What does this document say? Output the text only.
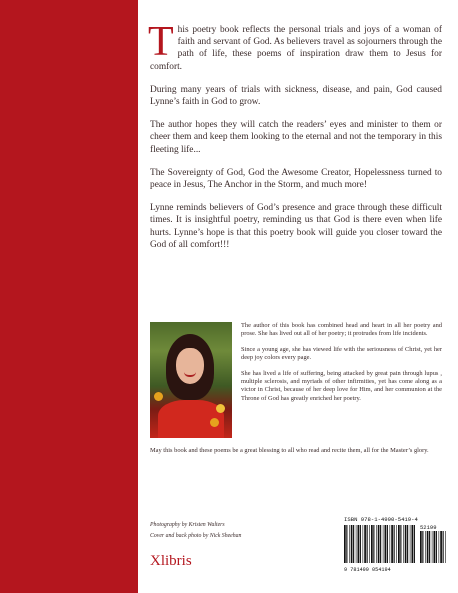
This poetry book reflects the personal trials and joys of a woman of faith and servant of God. As believers travel as sojourners through the path of life, these poems of inspiration draw them to Jesus for comfort.

During many years of trials with sickness, disease, and pain, God caused Lynne’s faith in God to grow.

The author hopes they will catch the readers’ eyes and minister to them or cheer them and keep them looking to the eternal and not the temporary in this fleeting life...

The Sovereignty of God, God the Awesome Creator, Hopelessness turned to peace in Jesus, The Anchor in the Storm, and much more!

Lynne reminds believers of God’s presence and grace through these difficult times. It is insightful poetry, reminding us that God is there even when life hurts. Lynne’s hope is that this poetry book will guide you closer toward the God of all comfort!!!

The author of this book has combined head and heart in all her poetry and prose. She has lived out all of her poetry; it protrudes from life incidents.

Since a young age, she has viewed life with the seriousness of Christ, yet her deep joy colors every page.

She has lived a life of suffering, being attacked by great pain through lupus , multiple sclerosis, and myriads of other infirmities, yet has come along as a victor in Christ, because of her deep love for Him, and her communion at the Throne of God has greatly enriched her poetry.

May this book and these poems be a great blessing to all who read and recite them, all for the Master’s glory.

Photography by Kristen Walters
Cover and back photo by Nick Sheehan
Xlibris
ISBN 978-1-4990-5419-4
52199
9 781499 054194
